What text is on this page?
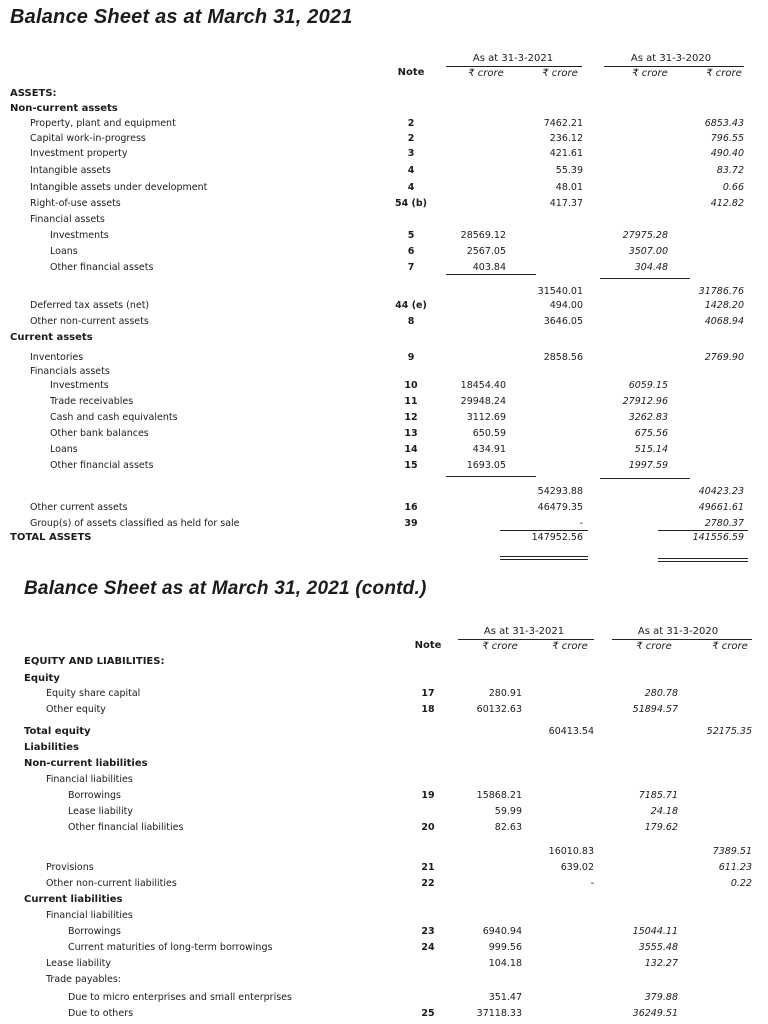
Balance Sheet as at March 31, 2021
Note
As at 31-3-2021	As at 31-3-2020
₹ crore	₹ crore	₹ crore	₹ crore
ASSETS:
Non-current assets
Property, plant and equipment	2	7462.21	6853.43
Capital work-in-progress	2	236.12	796.55
Investment property	3	421.61	490.40
Intangible assets	4	55.39	83.72
Intangible assets under development	4	48.01	0.66
Right-of-use assets	54 (b)	417.37	412.82
Financial assets
Investments	5	28569.12	27975.28
Loans	6	2567.05	3507.00
Other financial assets	7	403.84	304.48
31540.01	31786.76
Deferred tax assets (net)	44 (e)	494.00	1428.20
Other non-current assets	8	3646.05	4068.94
Current assets
Inventories	9	2858.56	2769.90
Financials assets
Investments	10	18454.40	6059.15
Trade receivables	11	29948.24	27912.96
Cash and cash equivalents	12	3112.69	3262.83
Other bank balances	13	650.59	675.56
Loans	14	434.91	515.14
Other financial assets	15	1693.05	1997.59
54293.88	40423.23
Other current assets	16	46479.35	49661.61
Group(s) of assets classified as held for sale	39	-	2780.37
TOTAL ASSETS	147952.56	141556.59
Balance Sheet as at March 31, 2021 (contd.)
Note
As at 31-3-2021	As at 31-3-2020
₹ crore	₹ crore	₹ crore	₹ crore
EQUITY AND LIABILITIES:
Equity
Equity share capital	17	280.91	280.78
Other equity	18	60132.63	51894.57
Total equity	60413.54	52175.35
Liabilities
Non-current liabilities
Financial liabilities
Borrowings	19	15868.21	7185.71
Lease liability	59.99	24.18
Other financial liabilities	20	82.63	179.62
16010.83	7389.51
Provisions	21	639.02	611.23
Other non-current liabilities	22	-	0.22
Current liabilities
Financial liabilities
Borrowings	23	6940.94	15044.11
Current maturities of long-term borrowings	24	999.56	3555.48
Lease liability	104.18	132.27
Trade payables:
Due to micro enterprises and small enterprises	351.47	379.88
Due to others	25	37118.33	36249.51
